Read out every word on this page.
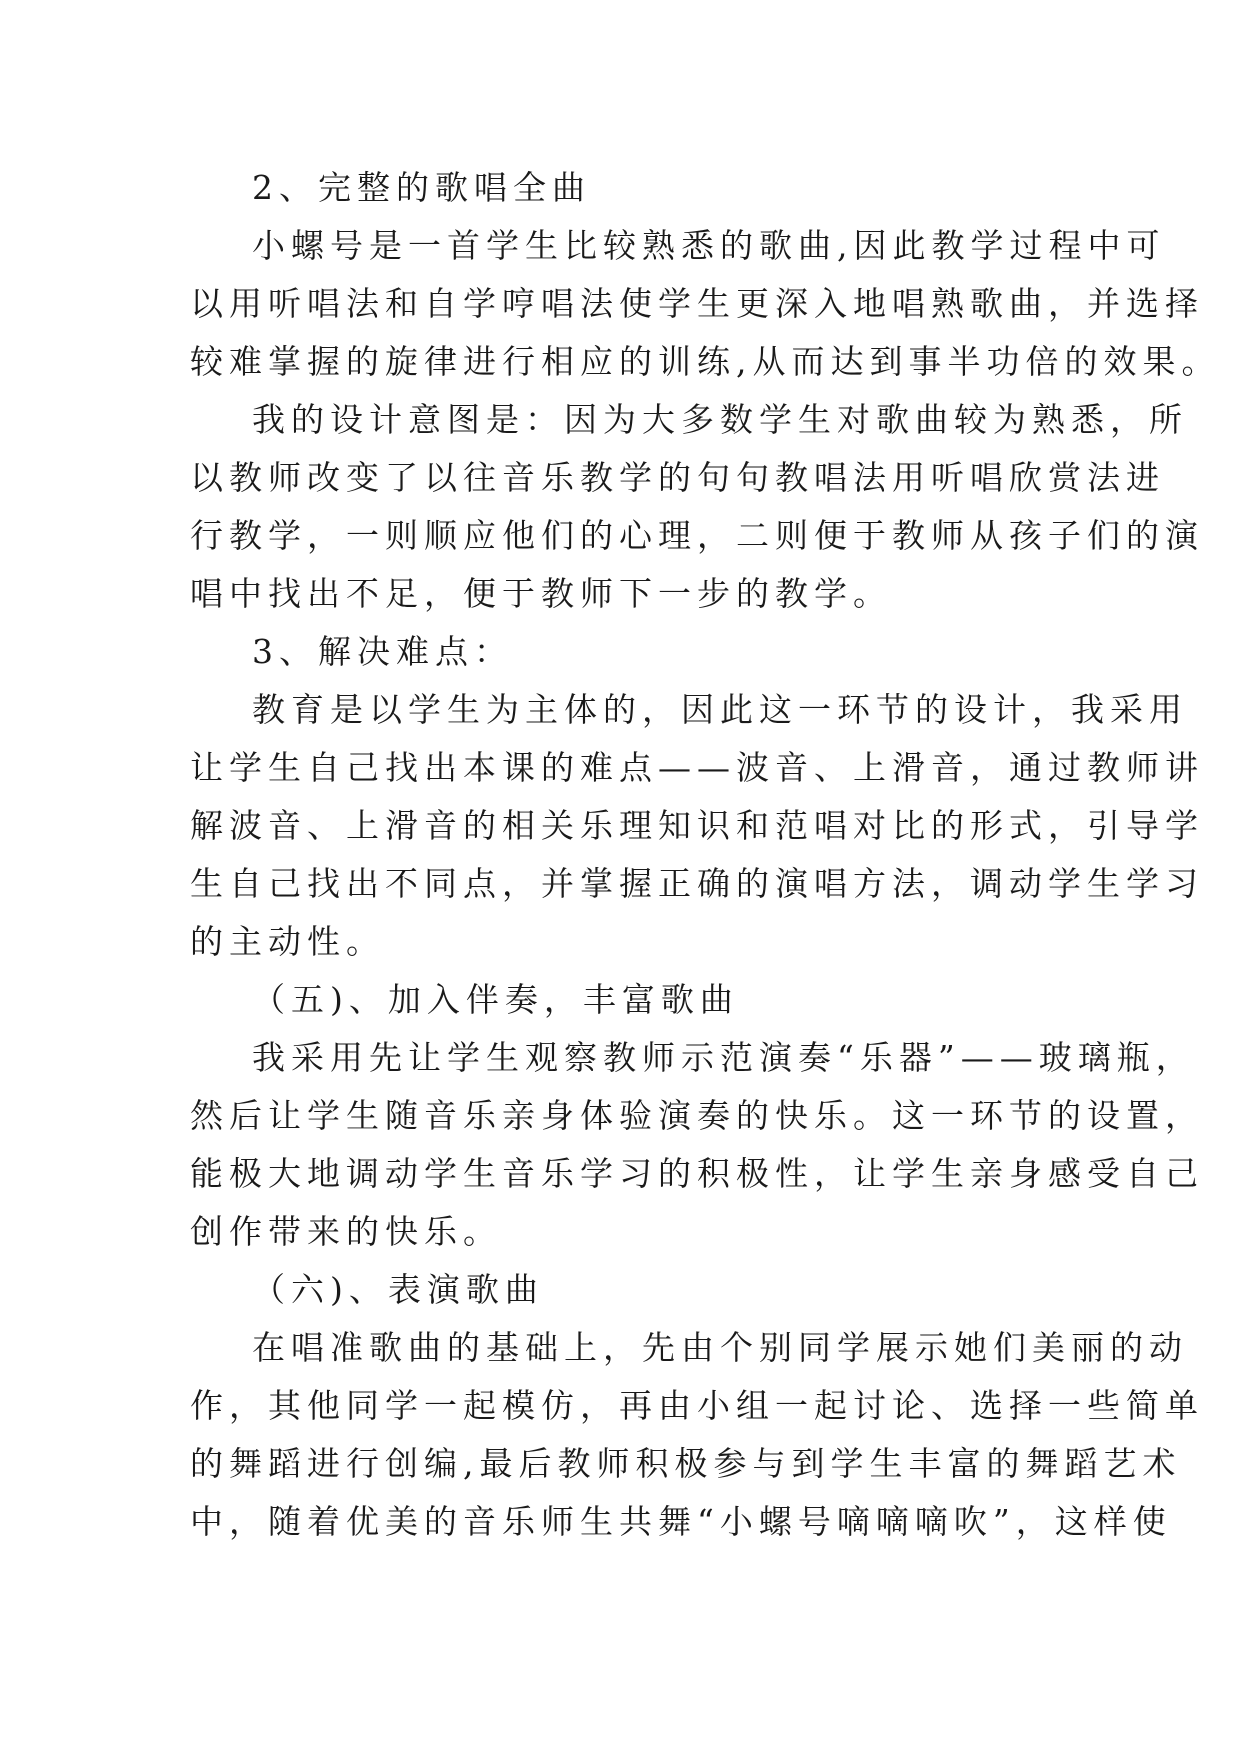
2、完整的歌唱全曲
小螺号是一首学生比较熟悉的歌曲,因此教学过程中可
以用听唱法和自学哼唱法使学生更深入地唱熟歌曲，并选择
较难掌握的旋律进行相应的训练,从而达到事半功倍的效果。
我的设计意图是：因为大多数学生对歌曲较为熟悉，所
以教师改变了以往音乐教学的句句教唱法用听唱欣赏法进
行教学，一则顺应他们的心理，二则便于教师从孩子们的演
唱中找出不足，便于教师下一步的教学。
3、解决难点：
教育是以学生为主体的，因此这一环节的设计，我采用
让学生自己找出本课的难点——波音、上滑音，通过教师讲
解波音、上滑音的相关乐理知识和范唱对比的形式，引导学
生自己找出不同点，并掌握正确的演唱方法，调动学生学习
的主动性。
（五)、加入伴奏，丰富歌曲
我采用先让学生观察教师示范演奏“乐器”——玻璃瓶，
然后让学生随音乐亲身体验演奏的快乐。这一环节的设置，
能极大地调动学生音乐学习的积极性，让学生亲身感受自己
创作带来的快乐。
（六)、表演歌曲
在唱准歌曲的基础上，先由个别同学展示她们美丽的动
作，其他同学一起模仿，再由小组一起讨论、选择一些简单
的舞蹈进行创编,最后教师积极参与到学生丰富的舞蹈艺术
中，随着优美的音乐师生共舞“小螺号嘀嘀嘀吹”，这样使
